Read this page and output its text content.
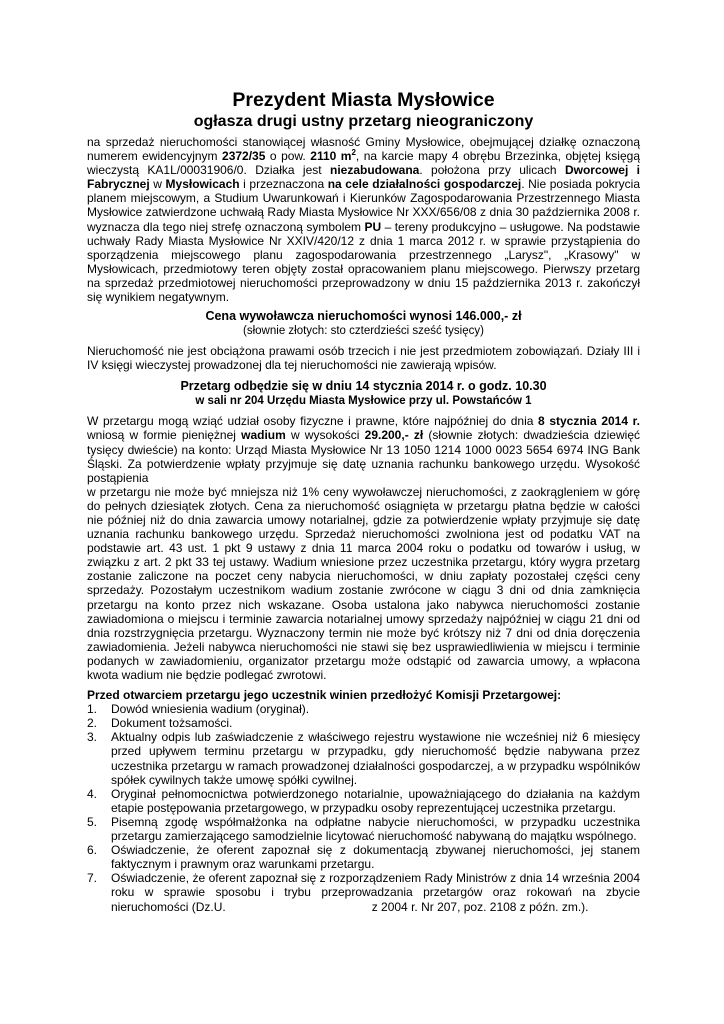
Prezydent Miasta Mysłowice
ogłasza drugi ustny przetarg nieograniczony

na sprzedaż nieruchomości stanowiącej własność Gminy Mysłowice, obejmującej działkę oznaczoną numerem ewidencyjnym 2372/35 o pow. 2110 $m^2$, na karcie mapy 4 obrębu Brzezinka, objętej księgą wieczystą KA1L/00031906/0. Działka jest niezabudowana. położona przy ulicach Dworcowej i Fabrycznej w Mysłowicach i przeznaczona na cele działalności gospodarczej. Nie posiada pokrycia planem miejscowym, a Studium Uwarunkowań i Kierunków Zagospodarowania Przestrzennego Miasta Mysłowice zatwierdzone uchwałą Rady Miasta Mysłowice Nr XXX/656/08 z dnia 30 października 2008 r. wyznacza dla tego niej strefę oznaczoną symbolem PU – tereny produkcyjno – usługowe. Na podstawie uchwały Rady Miasta Mysłowice Nr XXIV/420/12 z dnia 1 marca 2012 r. w sprawie przystąpienia do sporządzenia miejscowego planu zagospodarowania przestrzennego „Larysz", „Krasowy" w Mysłowicach, przedmiotowy teren objęty został opracowaniem planu miejscowego. Pierwszy przetarg na sprzedaż przedmiotowej nieruchomości przeprowadzony w dniu 15 października 2013 r. zakończył się wynikiem negatywnym.

Cena wywoławcza nieruchomości wynosi 146.000,- zł
(słownie złotych: sto czterdzieści sześć tysięcy)

Nieruchomość nie jest obciążona prawami osób trzecich i nie jest przedmiotem zobowiązań. Działy III i IV księgi wieczystej prowadzonej dla tej nieruchomości nie zawierają wpisów.

Przetarg odbędzie się w dniu 14 stycznia 2014 r. o godz. 10.30
w sali nr 204 Urzędu Miasta Mysłowice przy ul. Powstańców 1

W przetargu mogą wziąć udział osoby fizyczne i prawne, które najpóźniej do dnia 8 stycznia 2014 r. wniosą w formie pieniężnej wadium w wysokości 29.200,- zł (słownie złotych: dwadzieścia dziewięć tysięcy dwieście) na konto: Urząd Miasta Mysłowice Nr 13 1050 1214 1000 0023 5654 6974 ING Bank Śląski. Za potwierdzenie wpłaty przyjmuje się datę uznania rachunku bankowego urzędu. Wysokość postąpienia

w przetargu nie może być mniejsza niż 1% ceny wywoławczej nieruchomości, z zaokrągleniem w górę do pełnych dziesiątek złotych. Cena za nieruchomość osiągnięta w przetargu płatna będzie w całości nie później niż do dnia zawarcia umowy notarialnej, gdzie za potwierdzenie wpłaty przyjmuje się datę uznania rachunku bankowego urzędu. Sprzedaż nieruchomości zwolniona jest od podatku VAT na podstawie art. 43 ust. 1 pkt 9 ustawy z dnia 11 marca 2004 roku o podatku od towarów i usług, w związku z art. 2 pkt 33 tej ustawy. Wadium wniesione przez uczestnika przetargu, który wygra przetarg zostanie zaliczone na poczet ceny nabycia nieruchomości, w dniu zapłaty pozostałej części ceny sprzedaży. Pozostałym uczestnikom wadium zostanie zwrócone w ciągu 3 dni od dnia zamknięcia przetargu na konto przez nich wskazane. Osoba ustalona jako nabywca nieruchomości zostanie zawiadomiona o miejscu i terminie zawarcia notarialnej umowy sprzedaży najpóźniej w ciągu 21 dni od dnia rozstrzygnięcia przetargu. Wyznaczony termin nie może być krótszy niż 7 dni od dnia doręczenia zawiadomienia. Jeżeli nabywca nieruchomości nie stawi się bez usprawiedliwienia w miejscu i terminie podanych w zawiadomieniu, organizator przetargu może odstąpić od zawarcia umowy, a wpłacona kwota wadium nie będzie podlegać zwrotowi.

Przed otwarciem przetargu jego uczestnik winien przedłożyć Komisji Przetargowej:

1. Dowód wniesienia wadium (oryginał).
2. Dokument tożsamości.
3. Aktualny odpis lub zaświadczenie z właściwego rejestru wystawione nie wcześniej niż 6 miesięcy przed upływem terminu przetargu w przypadku, gdy nieruchomość będzie nabywana przez uczestnika przetargu w ramach prowadzonej działalności gospodarczej, a w przypadku wspólników spółek cywilnych także umowę spółki cywilnej.
4. Oryginał pełnomocnictwa potwierdzonego notarialnie, upoważniającego do działania na każdym etapie postępowania przetargowego, w przypadku osoby reprezentującej uczestnika przetargu.
5. Pisemną zgodę współmałżonka na odpłatne nabycie nieruchomości, w przypadku uczestnika przetargu zamierzającego samodzielnie licytować nieruchomość nabywaną do majątku wspólnego.
6. Oświadczenie, że oferent zapoznał się z dokumentacją zbywanej nieruchomości, jej stanem faktycznym i prawnym oraz warunkami przetargu.
7. Oświadczenie, że oferent zapoznał się z rozporządzeniem Rady Ministrów z dnia 14 września 2004 roku w sprawie sposobu i trybu przeprowadzania przetargów oraz rokowań na zbycie nieruchomości (Dz.U.	z 2004 r. Nr 207, poz. 2108 z późn. zm.).
